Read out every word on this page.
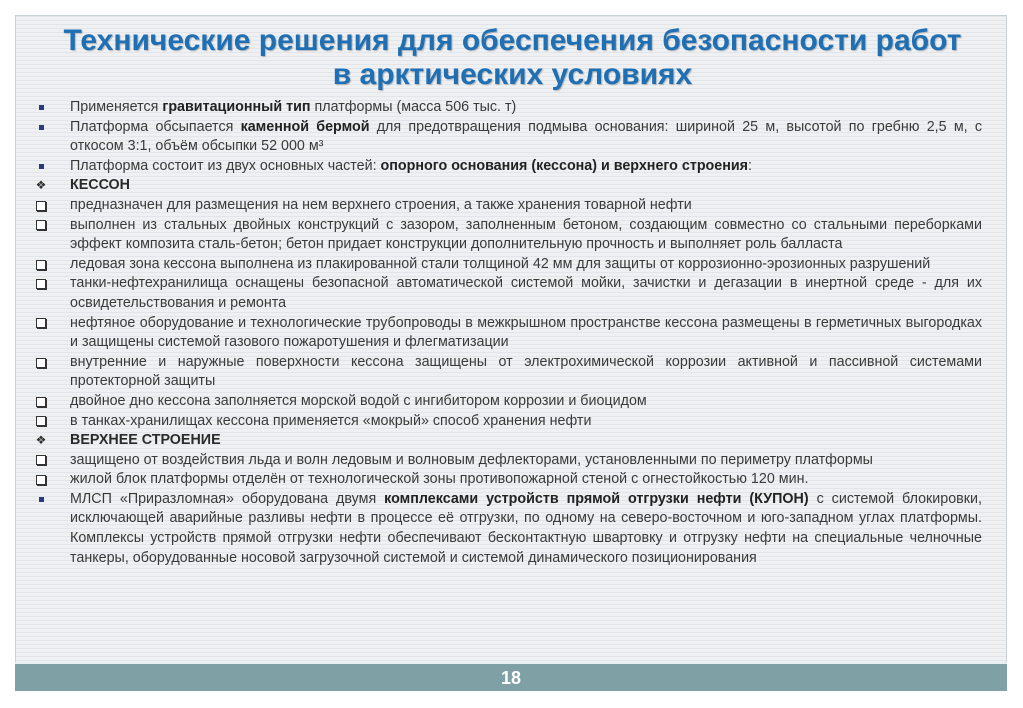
Технические решения для обеспечения безопасности работ
в арктических условиях
Применяется гравитационный тип платформы (масса 506 тыс. т)
Платформа обсыпается каменной бермой для предотвращения подмыва основания: шириной 25 м, высотой по гребню 2,5 м, с откосом 3:1, объём обсыпки 52 000 м³
Платформа состоит из двух основных частей: опорного основания (кессона) и верхнего строения:
❖ КЕССОН
предназначен для размещения на нем верхнего строения, а также хранения товарной нефти
выполнен из стальных двойных конструкций с зазором, заполненным бетоном, создающим совместно со стальными переборками эффект композита сталь-бетон; бетон придает конструкции дополнительную прочность и выполняет роль балласта
ледовая зона кессона выполнена из плакированной стали толщиной 42 мм для защиты от коррозионно-эрозионных разрушений
танки-нефтехранилища оснащены безопасной автоматической системой мойки, зачистки и дегазации в инертной среде - для их освидетельствования и ремонта
нефтяное оборудование и технологические трубопроводы в межкрышном пространстве кессона размещены в герметичных выгородках и защищены системой газового пожаротушения и флегматизации
внутренние и наружные поверхности кессона защищены от электрохимической коррозии активной и пассивной системами протекторной защиты
двойное дно кессона заполняется морской водой с ингибитором коррозии и биоцидом
в танках-хранилищах кессона применяется «мокрый» способ хранения нефти
❖ ВЕРХНЕЕ СТРОЕНИЕ
защищено от воздействия льда и волн ледовым и волновым дефлекторами, установленными по периметру платформы
жилой блок платформы отделён от технологической зоны противопожарной стеной с огнестойкостью 120 мин.
МЛСП «Приразломная» оборудована двумя комплексами устройств прямой отгрузки нефти (КУПОН) с системой блокировки, исключающей аварийные разливы нефти в процессе её отгрузки, по одному на северо-восточном и юго-западном углах платформы. Комплексы устройств прямой отгрузки нефти обеспечивают бесконтактную швартовку и отгрузку нефти на специальные челночные танкеры, оборудованные носовой загрузочной системой и системой динамического позиционирования
18
